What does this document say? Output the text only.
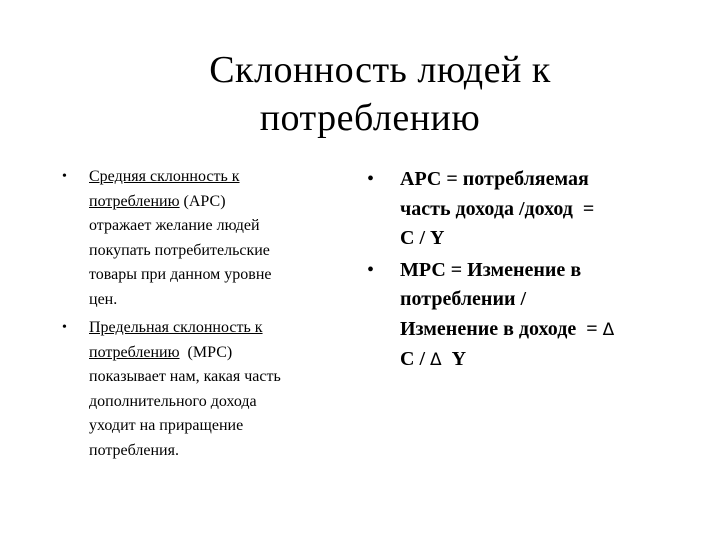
Склонность людей к
потреблению
• Средняя склонность к
потреблению (АРС)
отражает желание людей
покупать потребительские
товары при данном уровне
цен.
• Предельная склонность к
потреблению  (МРС)
показывает нам, какая часть
дополнительного дохода
уходит на приращение
потребления.
• АРС = потребляемая
часть дохода /доход  =
С / Y
• МРС = Изменение в
потреблении /
Изменение в доходе  = Δ
С / Δ  Y
